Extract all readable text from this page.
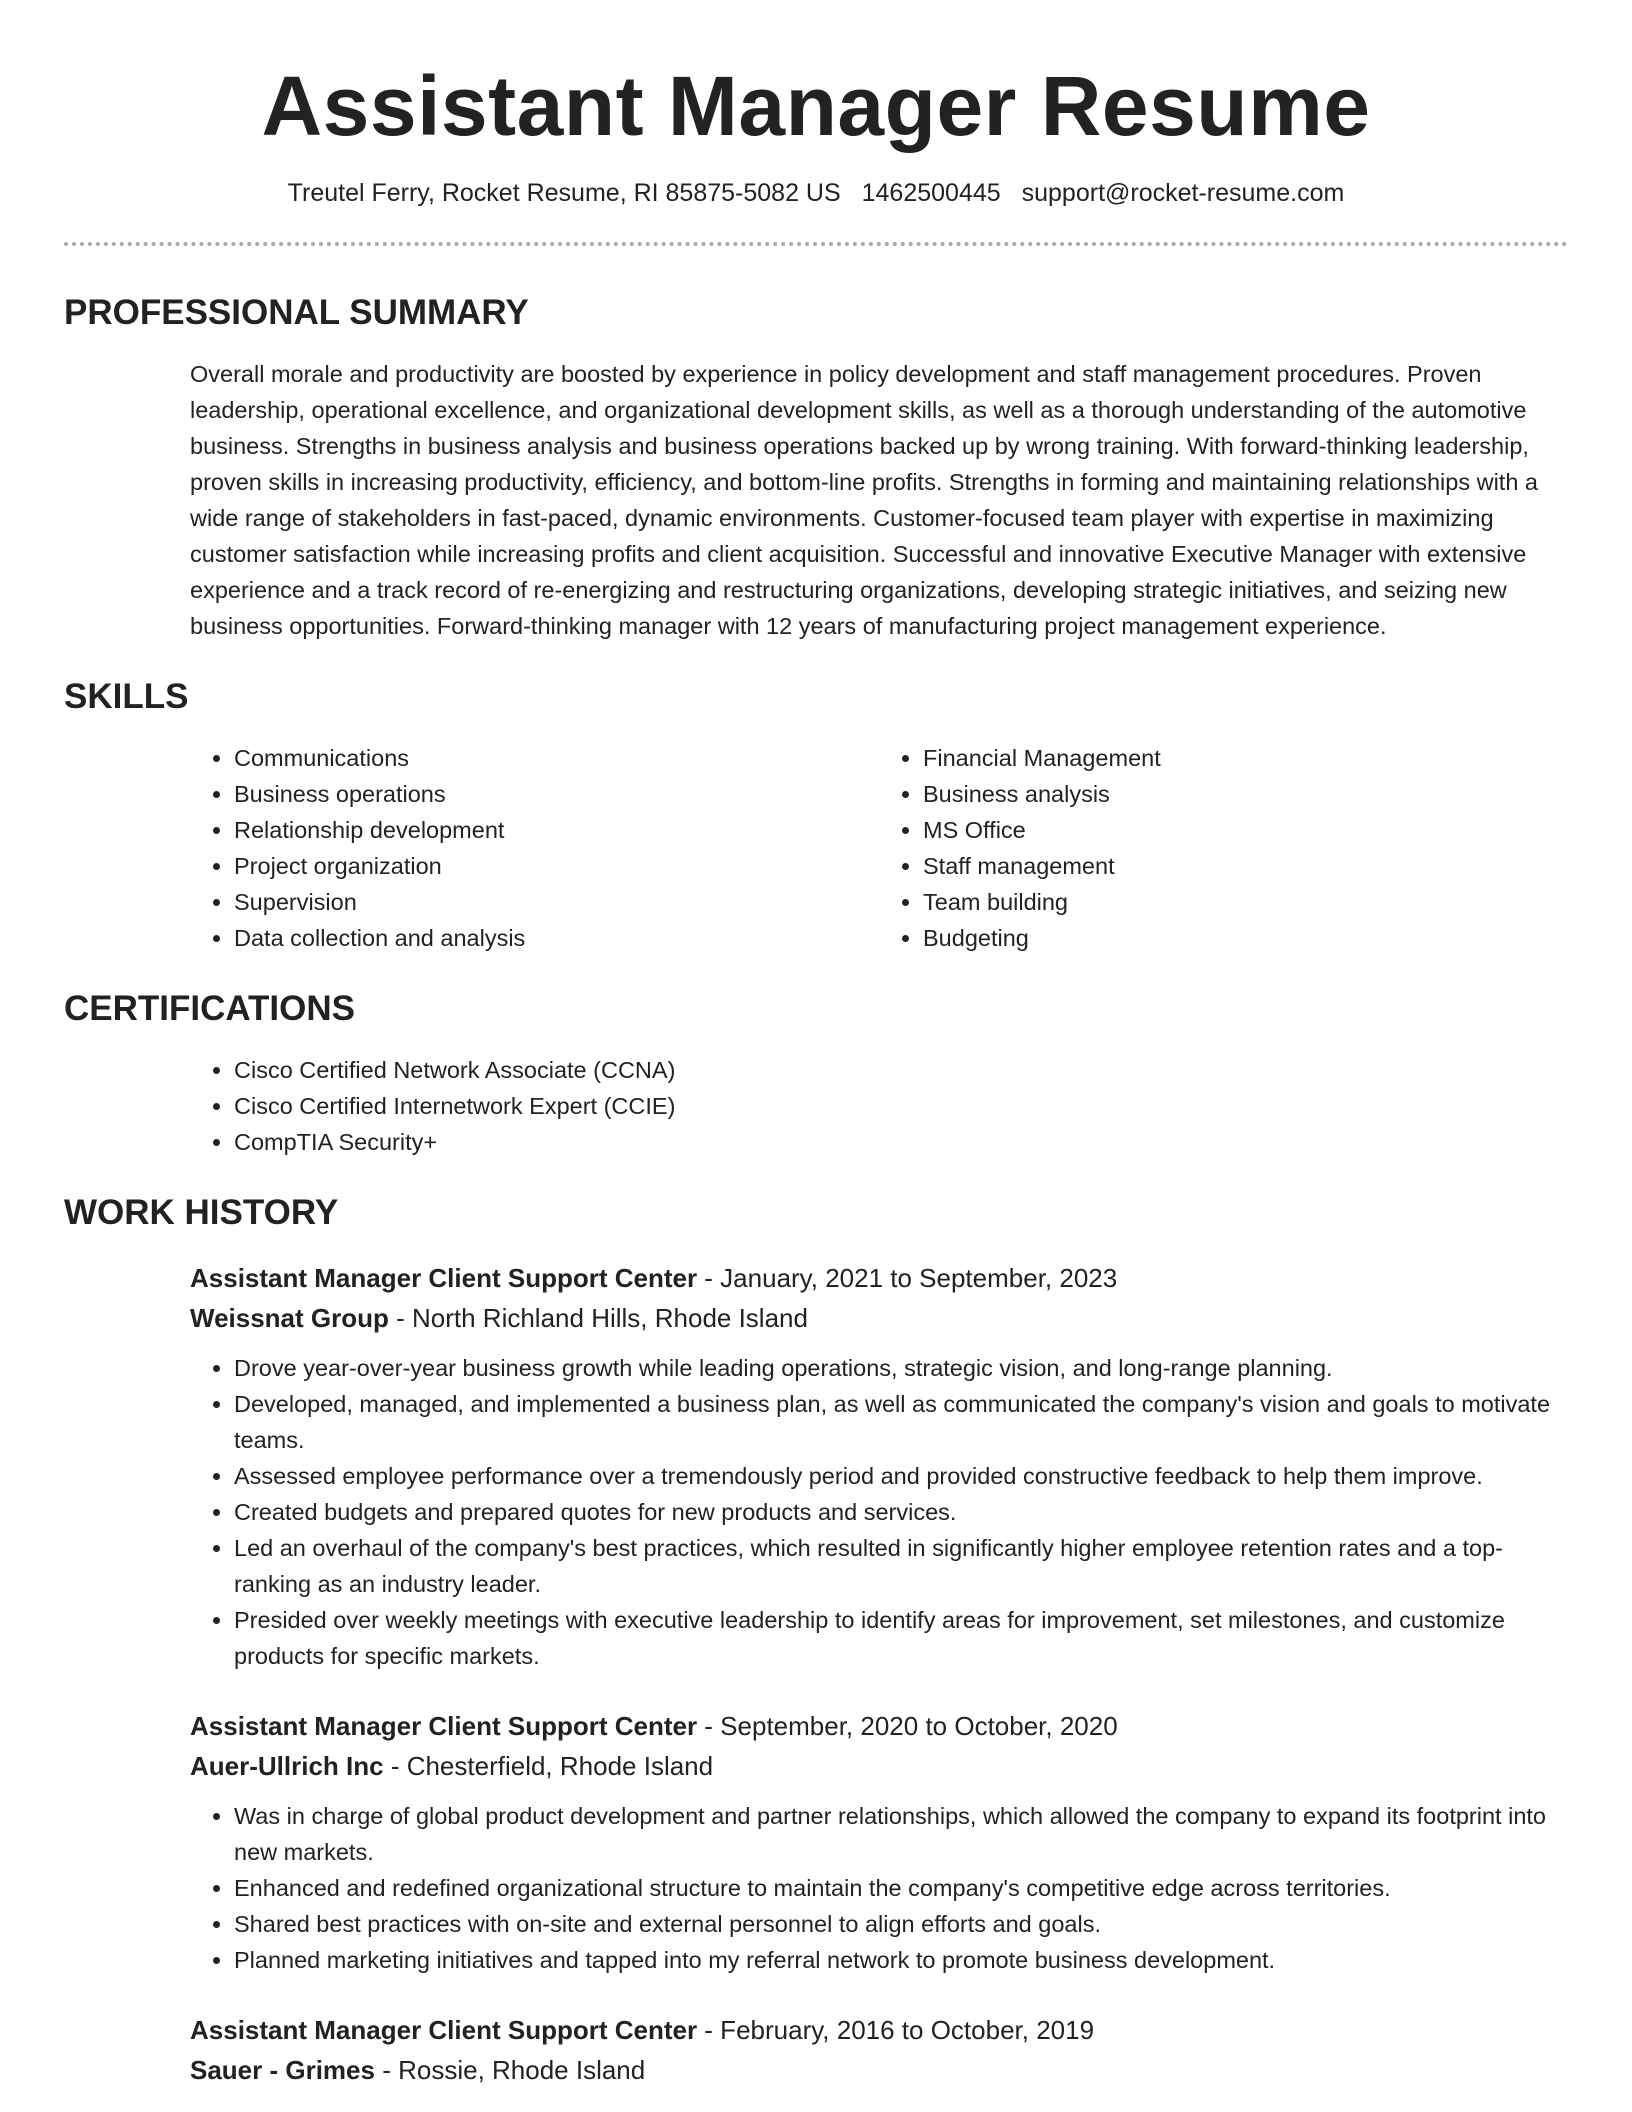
Assistant Manager Resume
Treutel Ferry, Rocket Resume, RI 85875-5082 US 1462500445 support@rocket-resume.com
PROFESSIONAL SUMMARY
Overall morale and productivity are boosted by experience in policy development and staff management procedures. Proven leadership, operational excellence, and organizational development skills, as well as a thorough understanding of the automotive business. Strengths in business analysis and business operations backed up by wrong training. With forward-thinking leadership, proven skills in increasing productivity, efficiency, and bottom-line profits. Strengths in forming and maintaining relationships with a wide range of stakeholders in fast-paced, dynamic environments. Customer-focused team player with expertise in maximizing customer satisfaction while increasing profits and client acquisition. Successful and innovative Executive Manager with extensive experience and a track record of re-energizing and restructuring organizations, developing strategic initiatives, and seizing new business opportunities. Forward-thinking manager with 12 years of manufacturing project management experience.
SKILLS
• Communications
• Business operations
• Relationship development
• Project organization
• Supervision
• Data collection and analysis
• Financial Management
• Business analysis
• MS Office
• Staff management
• Team building
• Budgeting
CERTIFICATIONS
• Cisco Certified Network Associate (CCNA)
• Cisco Certified Internetwork Expert (CCIE)
• CompTIA Security+
WORK HISTORY
Assistant Manager Client Support Center - January, 2021 to September, 2023
Weissnat Group - North Richland Hills, Rhode Island
• Drove year-over-year business growth while leading operations, strategic vision, and long-range planning.
• Developed, managed, and implemented a business plan, as well as communicated the company's vision and goals to motivate teams.
• Assessed employee performance over a tremendously period and provided constructive feedback to help them improve.
• Created budgets and prepared quotes for new products and services.
• Led an overhaul of the company's best practices, which resulted in significantly higher employee retention rates and a top-ranking as an industry leader.
• Presided over weekly meetings with executive leadership to identify areas for improvement, set milestones, and customize products for specific markets.
Assistant Manager Client Support Center - September, 2020 to October, 2020
Auer-Ullrich Inc - Chesterfield, Rhode Island
• Was in charge of global product development and partner relationships, which allowed the company to expand its footprint into new markets.
• Enhanced and redefined organizational structure to maintain the company's competitive edge across territories.
• Shared best practices with on-site and external personnel to align efforts and goals.
• Planned marketing initiatives and tapped into my referral network to promote business development.
Assistant Manager Client Support Center - February, 2016 to October, 2019
Sauer - Grimes - Rossie, Rhode Island
